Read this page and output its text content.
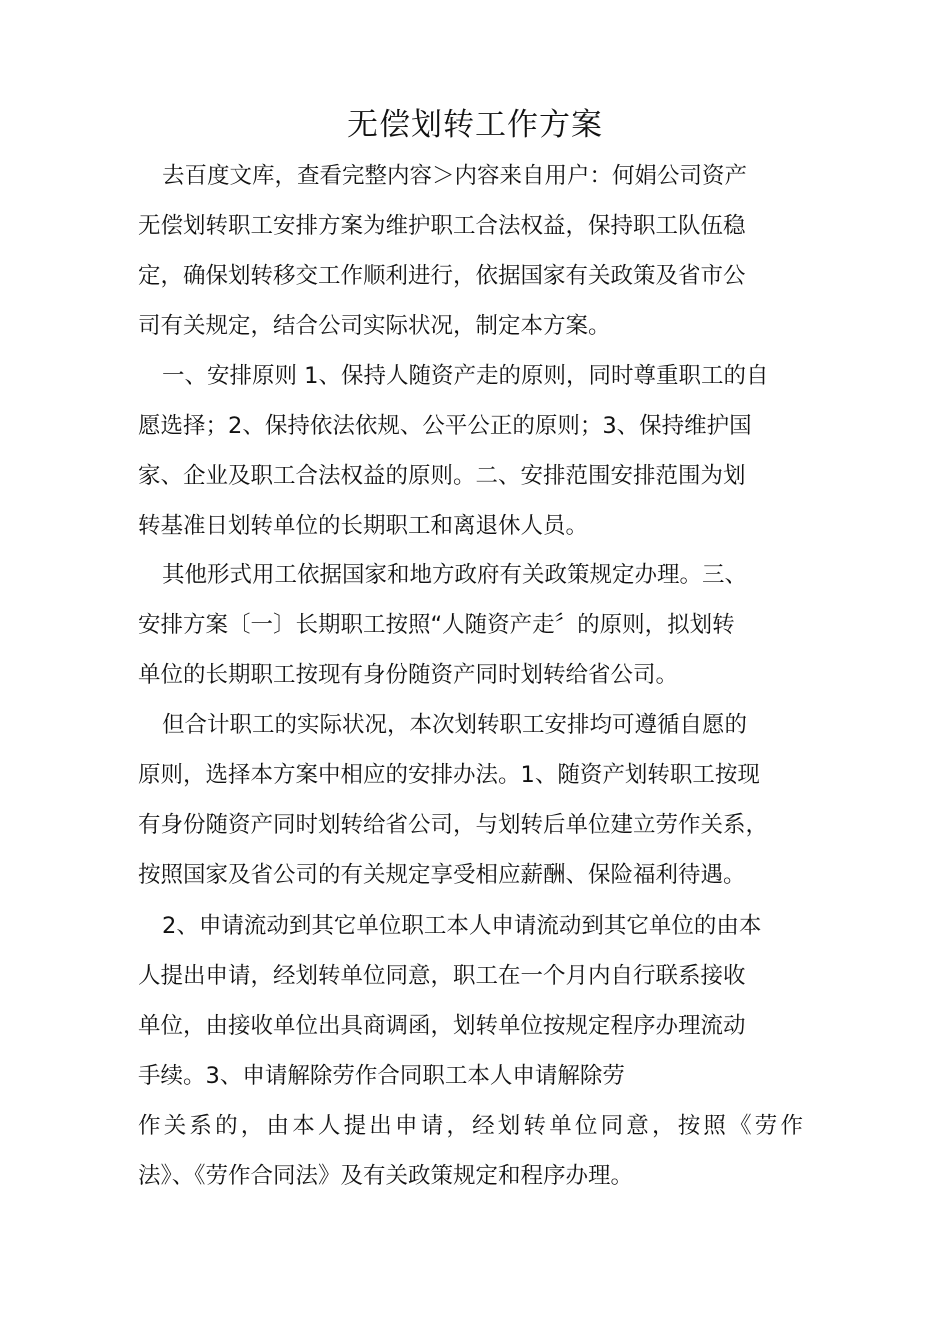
无偿划转工作方案
去百度文库，查看完整内容＞内容来自用户：何娟公司资产
无偿划转职工安排方案为维护职工合法权益，保持职工队伍稳
定，确保划转移交工作顺利进行，依据国家有关政策及省市公
司有关规定，结合公司实际状况，制定本方案。
一、安排原则 1、保持人随资产走的原则，同时尊重职工的自
愿选择；2、保持依法依规、公平公正的原则；3、保持维护国
家、企业及职工合法权益的原则。二、安排范围安排范围为划
转基准日划转单位的长期职工和离退休人员。
其他形式用工依据国家和地方政府有关政策规定办理。三、
安排方案〔一〕长期职工按照“人随资产走〞的原则，拟划转
单位的长期职工按现有身份随资产同时划转给省公司。
但合计职工的实际状况，本次划转职工安排均可遵循自愿的
原则，选择本方案中相应的安排办法。1、随资产划转职工按现
有身份随资产同时划转给省公司，与划转后单位建立劳作关系，
按照国家及省公司的有关规定享受相应薪酬、保险福利待遇。
2、申请流动到其它单位职工本人申请流动到其它单位的由本
人提出申请，经划转单位同意，职工在一个月内自行联系接收
单位，由接收单位出具商调函，划转单位按规定程序办理流动
手续。3、申请解除劳作合同职工本人申请解除劳
作关系的，由本人提出申请，经划转单位同意，按照《劳作
法》、《劳作合同法》及有关政策规定和程序办理。
